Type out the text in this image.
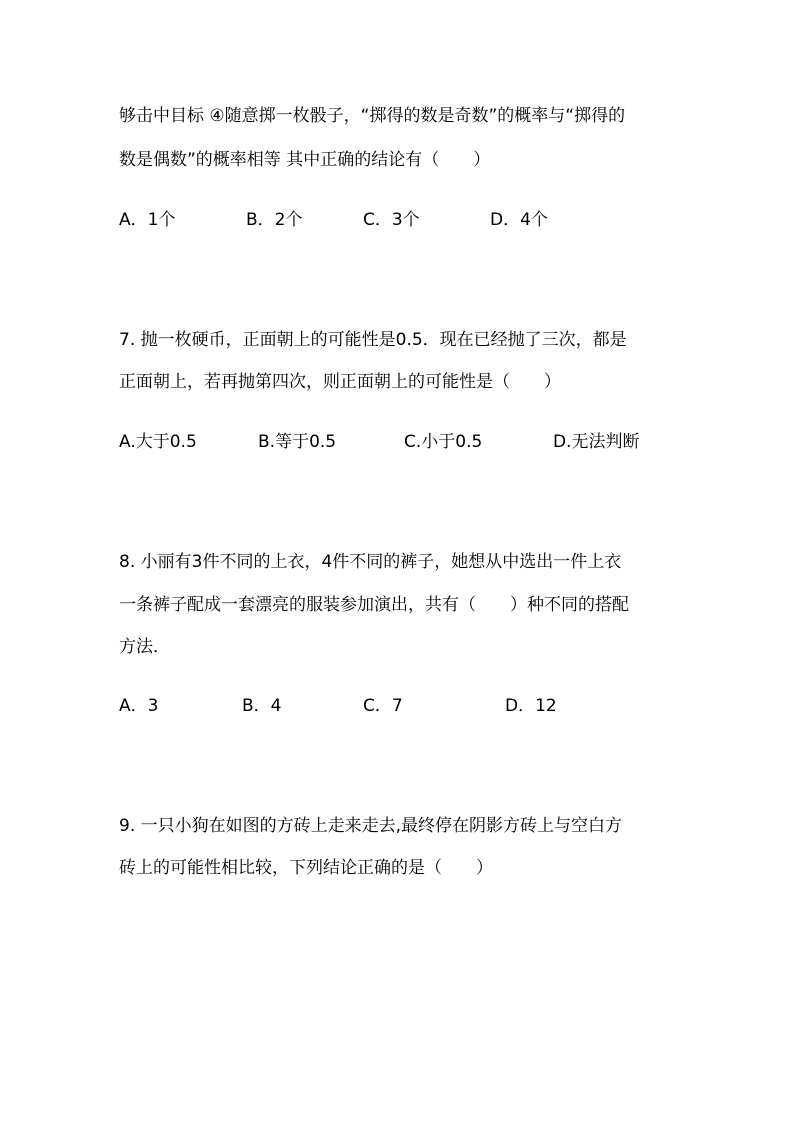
够击中目标 ④随意掷一枚骰子，“掷得的数是奇数”的概率与“掷得的
数是偶数”的概率相等 其中正确的结论有（　　）
A．1个	B．2个	C．3个	D．4个
7. 抛一枚硬币，正面朝上的可能性是0.5．现在已经抛了三次，都是
正面朝上，若再抛第四次，则正面朝上的可能性是（　　）
A.大于0.5	B.等于0.5	C.小于0.5	D.无法判断
8. 小丽有3件不同的上衣，4件不同的裤子，她想从中选出一件上衣
一条裤子配成一套漂亮的服装参加演出，共有（　　）种不同的搭配
方法．
A．3	B．4	C．7	D．12
9. 一只小狗在如图的方砖上走来走去,最终停在阴影方砖上与空白方
砖上的可能性相比较，下列结论正确的是（　　）
